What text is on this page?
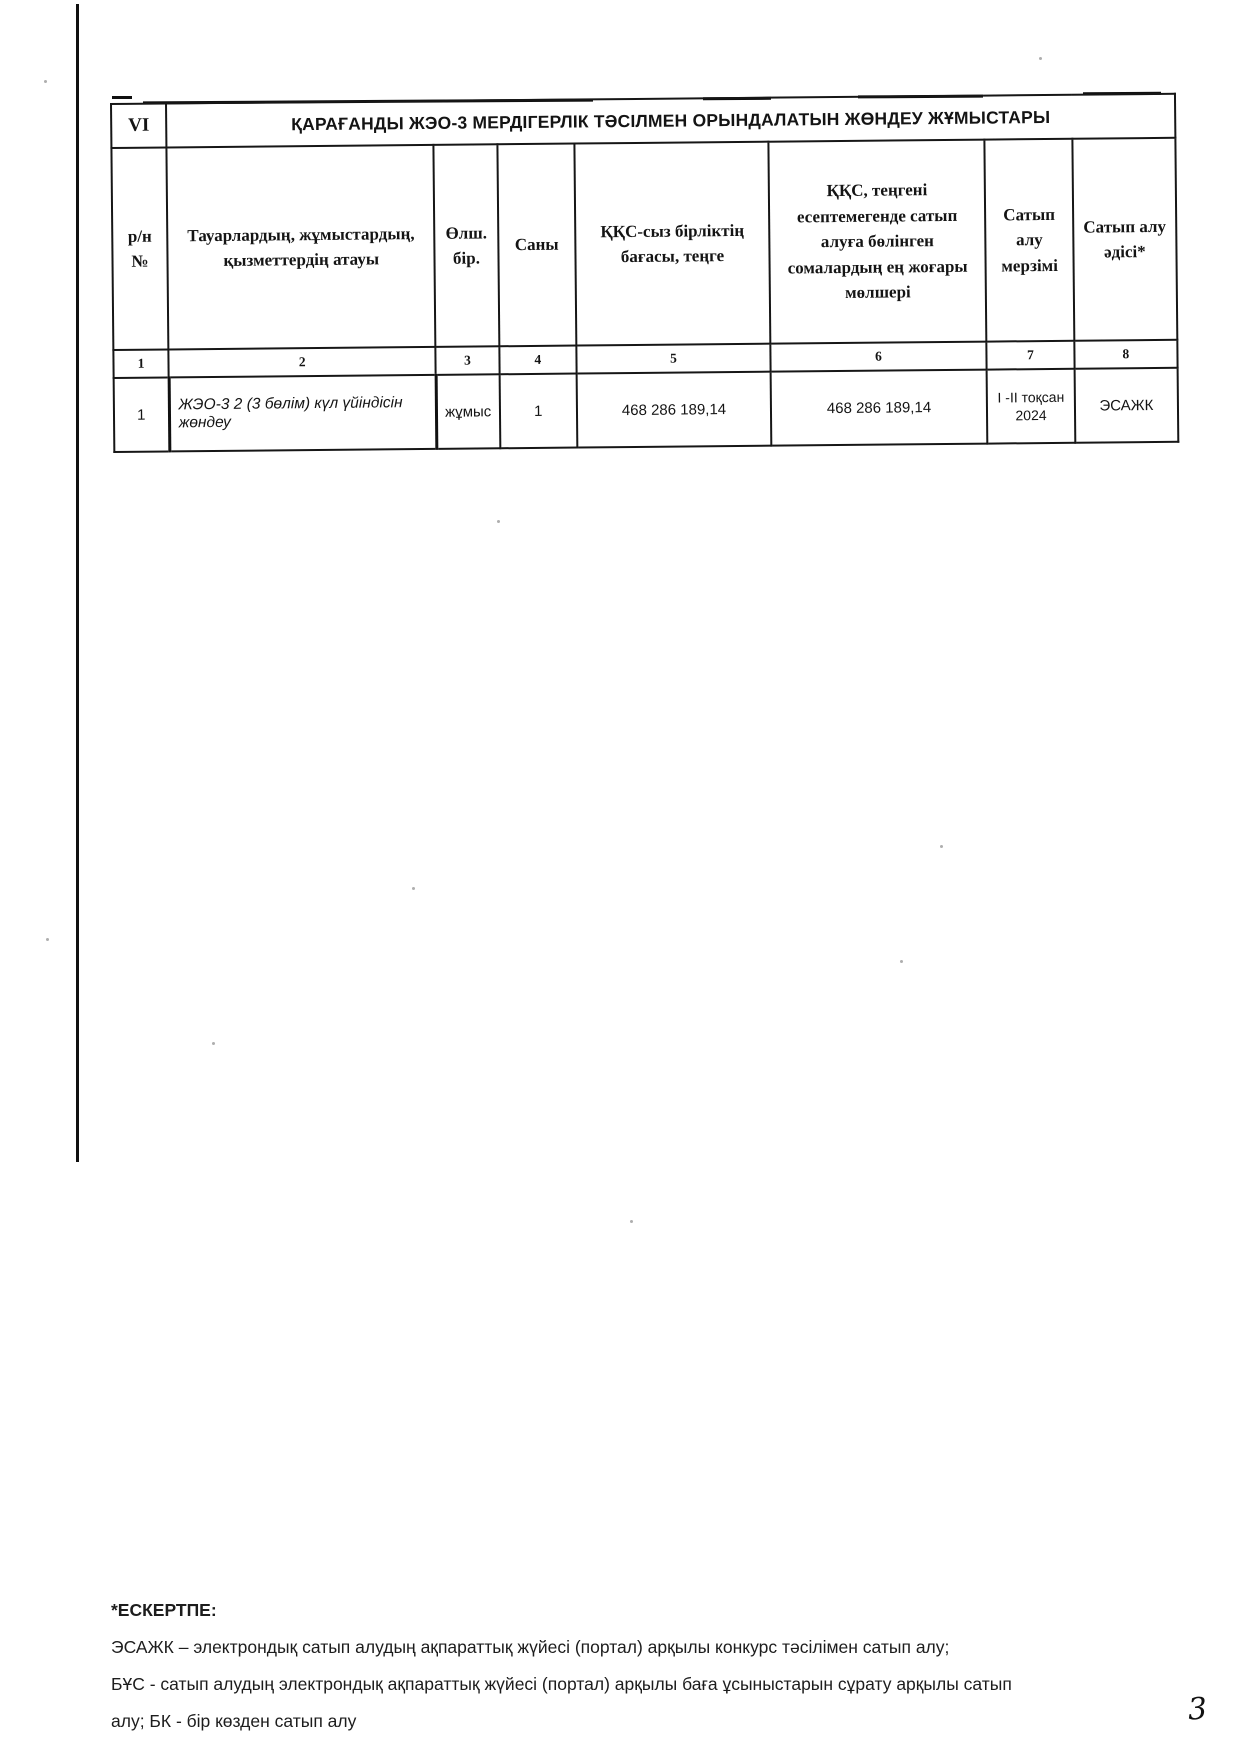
VI	ҚАРАҒАНДЫ ЖЭО-3 МЕРДІГЕРЛІК ТӘСІЛМЕН ОРЫНДАЛАТЫН ЖӨНДЕУ ЖҰМЫСТАРЫ						
р/н №	Тауарлардың, жұмыстардың, қызметтердің атауы	Өлш. бір.	Саны	ҚҚС-сыз бірліктің бағасы, теңге	ҚҚС, теңгені есептемегенде сатып алуға бөлінген сомалардың ең жоғары мөлшері	Сатып алу мерзімі	Сатып алу әдісі*
1	2	3	4	5	6	7	8
1	ЖЭО-3 2 (3 бөлім) күл үйіндісін жөндеу	жұмыс	1	468 286 189,14	468 286 189,14	I -II тоқсан 2024	ЭСАЖК
*ЕСКЕРТПЕ:
ЭСАЖК – электрондық сатып алудың ақпараттық жүйесі (портал) арқылы конкурс тәсілімен сатып алу;
БҰС - сатып алудың электрондық ақпараттық жүйесі (портал) арқылы баға ұсыныстарын сұрату арқылы сатып
алу; БК - бір көзден сатып алу	3
